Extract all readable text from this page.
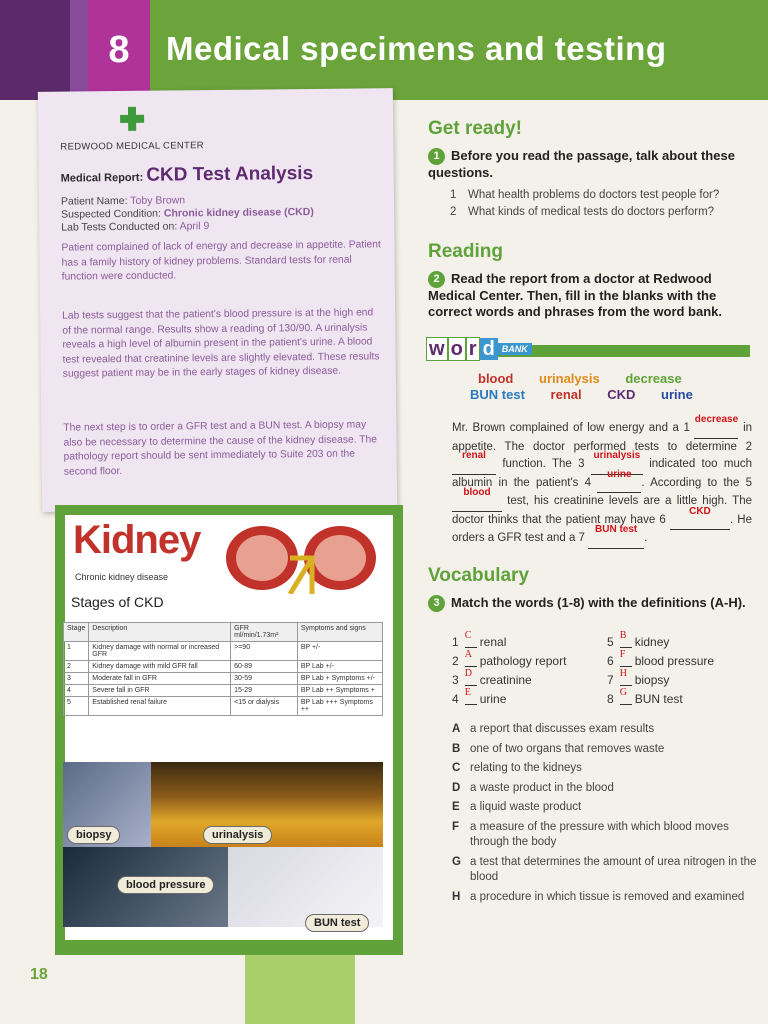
8 Medical specimens and testing
REDWOOD MEDICAL CENTER
Medical Report: CKD Test Analysis
Patient Name: Toby Brown
Suspected Condition: Chronic kidney disease (CKD)
Lab Tests Conducted on: April 9
Patient complained of lack of energy and decrease in appetite. Patient has a family history of kidney problems. Standard tests for renal function were conducted.
Lab tests suggest that the patient's blood pressure is at the high end of the normal range. Results show a reading of 130/90. A urinalysis reveals a high level of albumin present in the patient's urine. A blood test revealed that creatinine levels are slightly elevated. These results suggest patient may be in the early stages of kidney disease.
The next step is to order a GFR test and a BUN test. A biopsy may also be necessary to determine the cause of the kidney disease. The pathology report should be sent immediately to Suite 203 on the second floor.
Kidney
Chronic kidney disease
Stages of CKD
Stage	Description	GFR ml/min/1.73m²	Symptoms and signs
1	Kidney damage with normal or increased GFR	>=90	BP +/-
2	Kidney damage with mild GFR fall	60-89	BP Lab +/-
3	Moderate fall in GFR	30-59	BP Lab + Symptoms +/-
4	Severe fall in GFR	15-29	BP Lab ++ Symptoms +
5	Established renal failure	<15 or dialysis	BP Lab +++ Symptoms ++
biopsy	urinalysis
blood pressure
BUN test
Get ready!
1 Before you read the passage, talk about these questions.
1 What health problems do doctors test people for?
2 What kinds of medical tests do doctors perform?
Reading
2 Read the report from a doctor at Redwood Medical Center. Then, fill in the blanks with the correct words and phrases from the word bank.
w o r d BANK
blood urinalysis decrease
BUN test renal CKD urine
Mr. Brown complained of low energy and a 1
decrease
in appetite. The doctor performed tests to determine 2
renal
function. The 3
urinalysis
indicated too much albumin in the patient's 4
urine
. According to the 5
blood
test, his creatinine levels are a little high. The doctor thinks that the patient may have 6
CKD
. He orders a GFR test and a 7
BUN test
.
Vocabulary
3 Match the words (1-8) with the definitions (A-H).
1 C renal
2 A pathology report
3 D creatinine
4 E urine
5 B kidney
6 F blood pressure
7 H biopsy
8 G BUN test
A a report that discusses exam results
B one of two organs that removes waste
C relating to the kidneys
D a waste product in the blood
E a liquid waste product
F a measure of the pressure with which blood moves through the body
G a test that determines the amount of urea nitrogen in the blood
H a procedure in which tissue is removed and examined
18
